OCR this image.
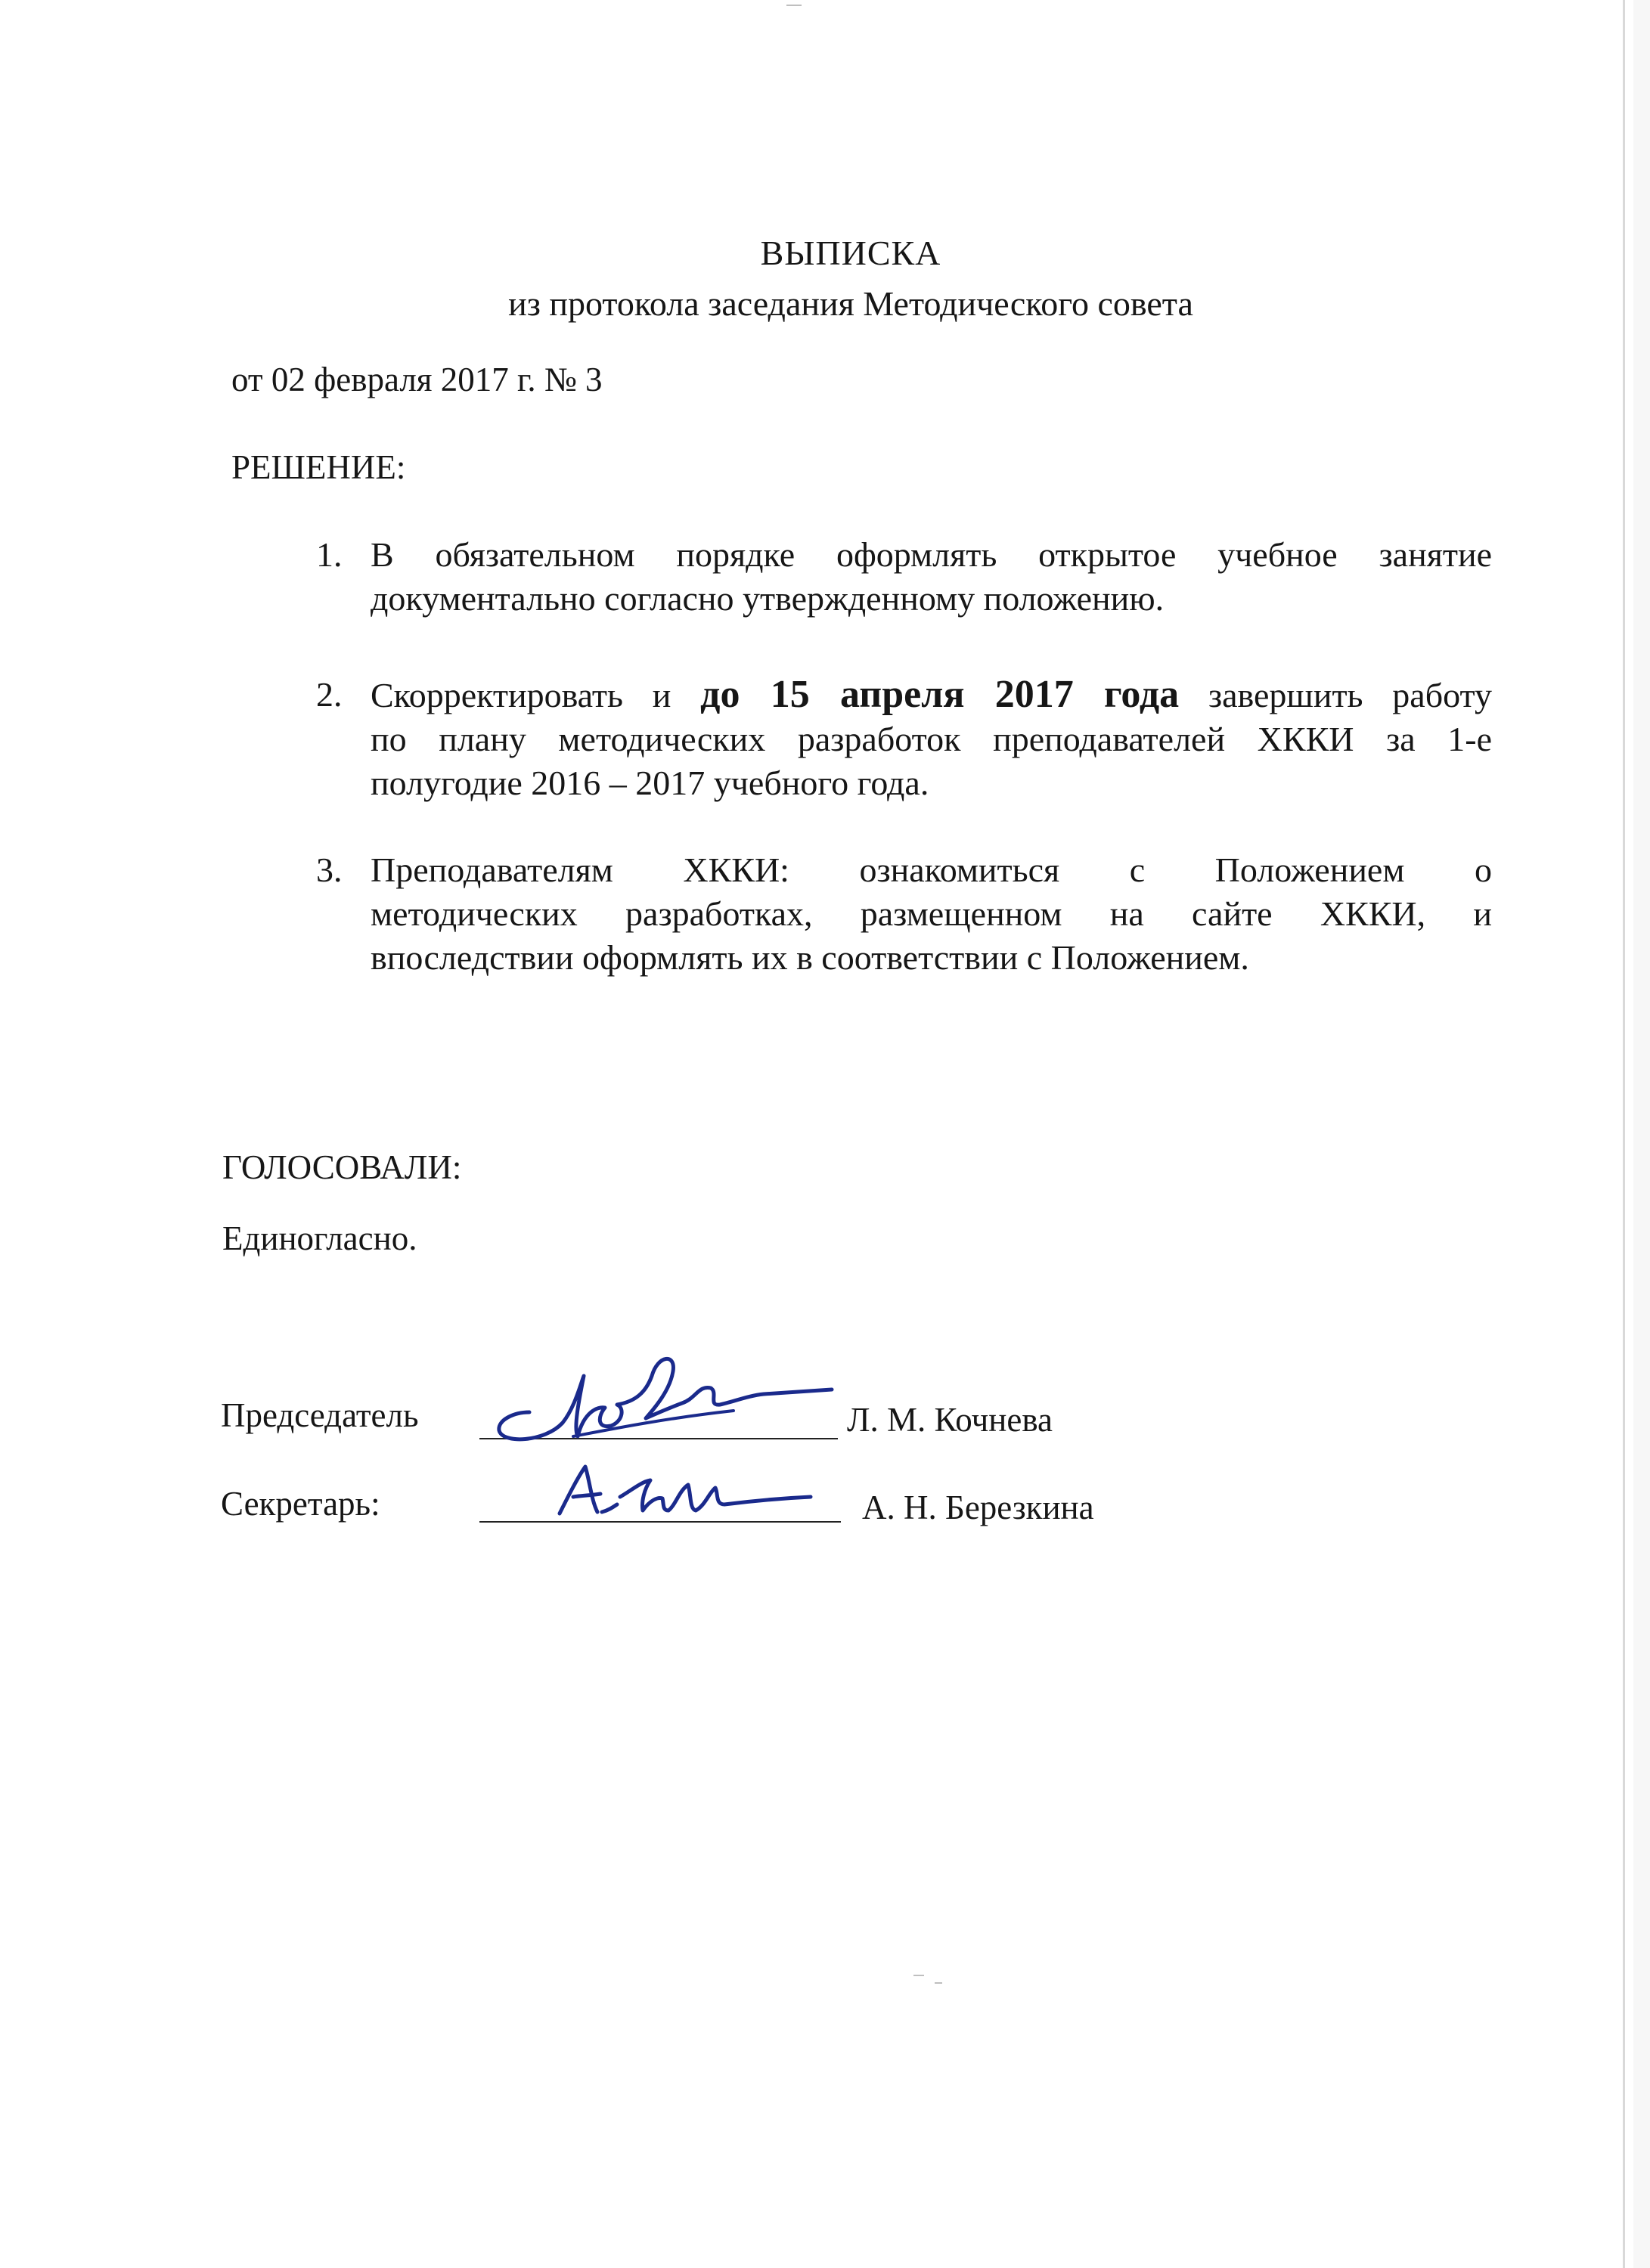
ВЫПИСКА
из протокола заседания Методического совета
от 02 февраля 2017 г. № 3
РЕШЕНИЕ:
1. В обязательном порядке оформлять открытое учебное занятие
документально согласно утвержденному положению.
2. Скорректировать и до 15 апреля 2017 года завершить работу
по плану методических разработок преподавателей ХККИ за 1-е
полугодие 2016 – 2017 учебного года.
3. Преподавателям ХККИ: ознакомиться с Положением о
методических разработках, размещенном на сайте ХККИ, и
впоследствии оформлять их в соответствии с Положением.
ГОЛОСОВАЛИ:
Единогласно.
Председатель	Л. М. Кочнева
Секретарь:	А. Н. Березкина
